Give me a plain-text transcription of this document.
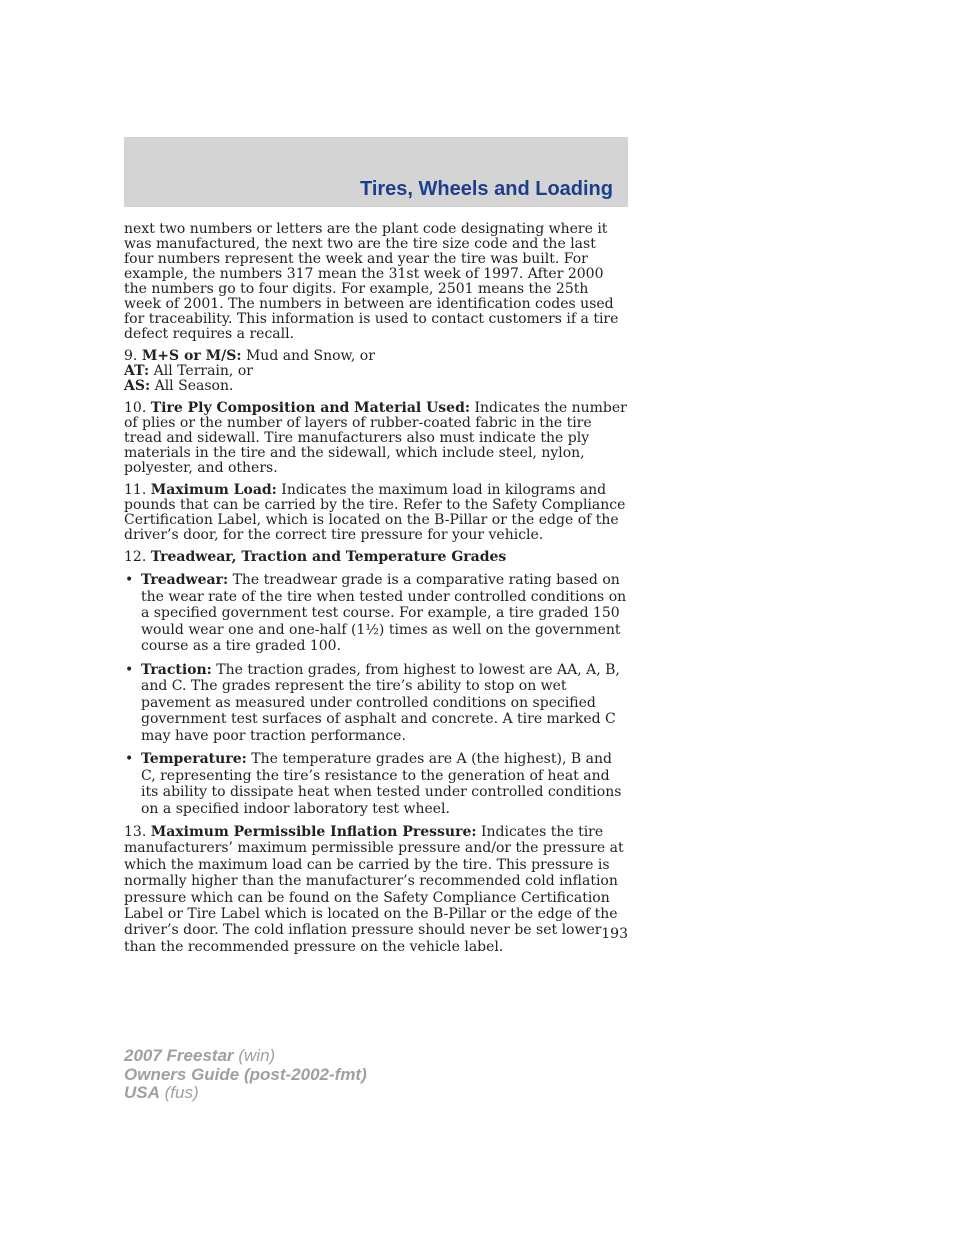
Tires, Wheels and Loading

next two numbers or letters are the plant code designating where it was manufactured, the next two are the tire size code and the last four numbers represent the week and year the tire was built. For example, the numbers 317 mean the 31st week of 1997. After 2000 the numbers go to four digits. For example, 2501 means the 25th week of 2001. The numbers in between are identification codes used for traceability. This information is used to contact customers if a tire defect requires a recall.

9. M+S or M/S: Mud and Snow, or
AT: All Terrain, or
AS: All Season.

10. Tire Ply Composition and Material Used: Indicates the number of plies or the number of layers of rubber-coated fabric in the tire tread and sidewall. Tire manufacturers also must indicate the ply materials in the tire and the sidewall, which include steel, nylon, polyester, and others.

11. Maximum Load: Indicates the maximum load in kilograms and pounds that can be carried by the tire. Refer to the Safety Compliance Certification Label, which is located on the B-Pillar or the edge of the driver’s door, for the correct tire pressure for your vehicle.

12. Treadwear, Traction and Temperature Grades

• Treadwear: The treadwear grade is a comparative rating based on the wear rate of the tire when tested under controlled conditions on a specified government test course. For example, a tire graded 150 would wear one and one-half (1½) times as well on the government course as a tire graded 100.
• Traction: The traction grades, from highest to lowest are AA, A, B, and C. The grades represent the tire’s ability to stop on wet pavement as measured under controlled conditions on specified government test surfaces of asphalt and concrete. A tire marked C may have poor traction performance.
• Temperature: The temperature grades are A (the highest), B and C, representing the tire’s resistance to the generation of heat and its ability to dissipate heat when tested under controlled conditions on a specified indoor laboratory test wheel.

13. Maximum Permissible Inflation Pressure: Indicates the tire manufacturers’ maximum permissible pressure and/or the pressure at which the maximum load can be carried by the tire. This pressure is normally higher than the manufacturer’s recommended cold inflation pressure which can be found on the Safety Compliance Certification Label or Tire Label which is located on the B-Pillar or the edge of the driver’s door. The cold inflation pressure should never be set lower than the recommended pressure on the vehicle label.

193
2007 Freestar (win)
Owners Guide (post-2002-fmt)
USA (fus)
